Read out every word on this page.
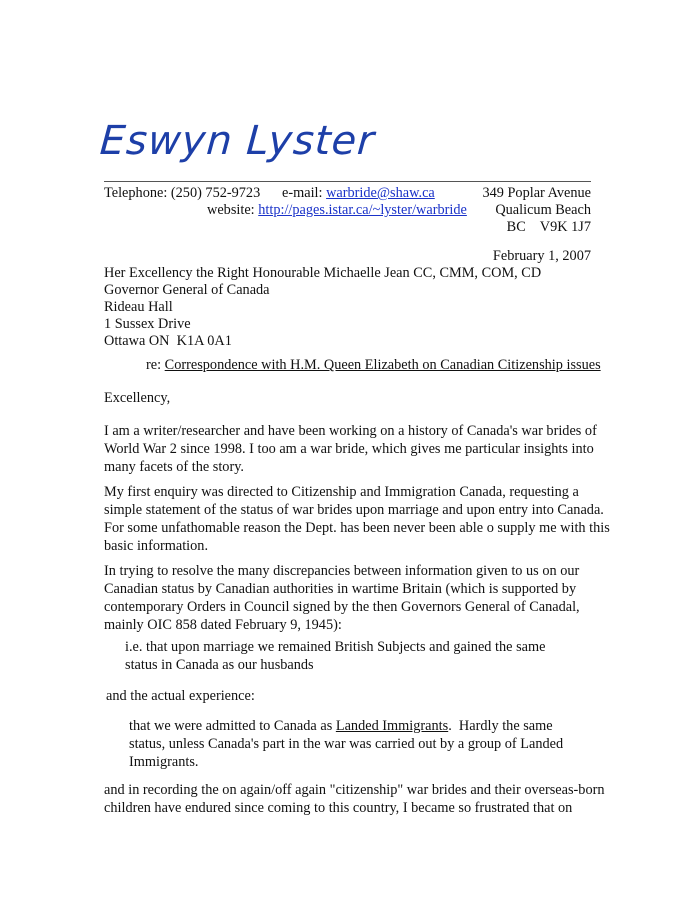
Eswyn Lyster
Telephone: (250) 752-9723 e-mail: warbride@shaw.ca
website: http://pages.istar.ca/~lyster/warbride
349 Poplar Avenue
Qualicum Beach
BC    V9K 1J7
February 1, 2007
Her Excellency the Right Honourable Michaelle Jean CC, CMM, COM, CD
Governor General of Canada
Rideau Hall
1 Sussex Drive
Ottawa ON  K1A 0A1
re: Correspondence with H.M. Queen Elizabeth on Canadian Citizenship issues
Excellency,
I am a writer/researcher and have been working on a history of Canada's war brides of
World War 2 since 1998. I too am a war bride, which gives me particular insights into
many facets of the story.
My first enquiry was directed to Citizenship and Immigration Canada, requesting a
simple statement of the status of war brides upon marriage and upon entry into Canada.
For some unfathomable reason the Dept. has been never been able o supply me with this
basic information.
In trying to resolve the many discrepancies between information given to us on our
Canadian status by Canadian authorities in wartime Britain (which is supported by
contemporary Orders in Council signed by the then Governors General of Canadal,
mainly OIC 858 dated February 9, 1945):
i.e. that upon marriage we remained British Subjects and gained the same
status in Canada as our husbands
and the actual experience:
that we were admitted to Canada as Landed Immigrants.  Hardly the same
status, unless Canada's part in the war was carried out by a group of Landed
Immigrants.
and in recording the on again/off again "citizenship" war brides and their overseas-born
children have endured since coming to this country, I became so frustrated that on
